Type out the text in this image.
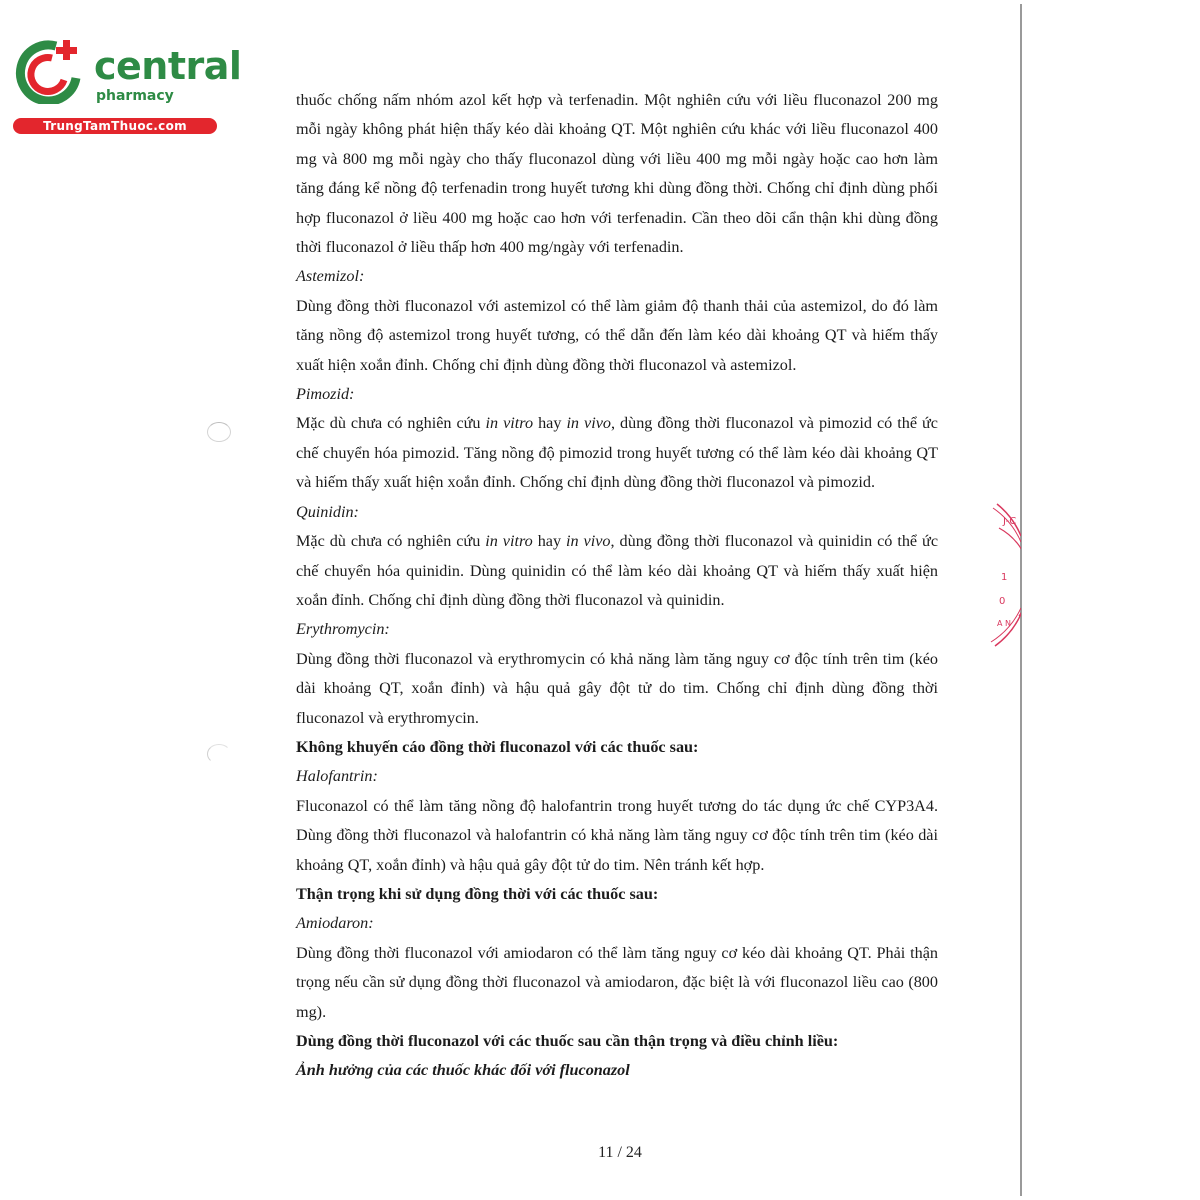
central
pharmacy
TrungTamThuoc.com
J-C
1
0
A N

thuốc chống nấm nhóm azol kết hợp và terfenadin. Một nghiên cứu với liều fluconazol 200 mg mỗi ngày không phát hiện thấy kéo dài khoảng QT. Một nghiên cứu khác với liều fluconazol 400 mg và 800 mg mỗi ngày cho thấy fluconazol dùng với liều 400 mg mỗi ngày hoặc cao hơn làm tăng đáng kể nồng độ terfenadin trong huyết tương khi dùng đồng thời. Chống chỉ định dùng phối hợp fluconazol ở liều 400 mg hoặc cao hơn với terfenadin. Cần theo dõi cẩn thận khi dùng đồng thời fluconazol ở liều thấp hơn 400 mg/ngày với terfenadin.

Astemizol:

Dùng đồng thời fluconazol với astemizol có thể làm giảm độ thanh thải của astemizol, do đó làm tăng nồng độ astemizol trong huyết tương, có thể dẫn đến làm kéo dài khoảng QT và hiếm thấy xuất hiện xoắn đỉnh. Chống chỉ định dùng đồng thời fluconazol và astemizol.

Pimozid:

Mặc dù chưa có nghiên cứu in vitro hay in vivo, dùng đồng thời fluconazol và pimozid có thể ức chế chuyển hóa pimozid. Tăng nồng độ pimozid trong huyết tương có thể làm kéo dài khoảng QT và hiếm thấy xuất hiện xoắn đỉnh. Chống chỉ định dùng đồng thời fluconazol và pimozid.

Quinidin:

Mặc dù chưa có nghiên cứu in vitro hay in vivo, dùng đồng thời fluconazol và quinidin có thể ức chế chuyển hóa quinidin. Dùng quinidin có thể làm kéo dài khoảng QT và hiếm thấy xuất hiện xoắn đỉnh. Chống chỉ định dùng đồng thời fluconazol và quinidin.

Erythromycin:

Dùng đồng thời fluconazol và erythromycin có khả năng làm tăng nguy cơ độc tính trên tim (kéo dài khoảng QT, xoắn đỉnh) và hậu quả gây đột tử do tim. Chống chỉ định dùng đồng thời fluconazol và erythromycin.

Không khuyến cáo đồng thời fluconazol với các thuốc sau:

Halofantrin:

Fluconazol có thể làm tăng nồng độ halofantrin trong huyết tương do tác dụng ức chế CYP3A4. Dùng đồng thời fluconazol và halofantrin có khả năng làm tăng nguy cơ độc tính trên tim (kéo dài khoảng QT, xoắn đỉnh) và hậu quả gây đột tử do tim. Nên tránh kết hợp.

Thận trọng khi sử dụng đồng thời với các thuốc sau:

Amiodaron:

Dùng đồng thời fluconazol với amiodaron có thể làm tăng nguy cơ kéo dài khoảng QT. Phải thận trọng nếu cần sử dụng đồng thời fluconazol và amiodaron, đặc biệt là với fluconazol liều cao (800 mg).

Dùng đồng thời fluconazol với các thuốc sau cần thận trọng và điều chỉnh liều:

Ảnh hưởng của các thuốc khác đối với fluconazol

11 / 24
